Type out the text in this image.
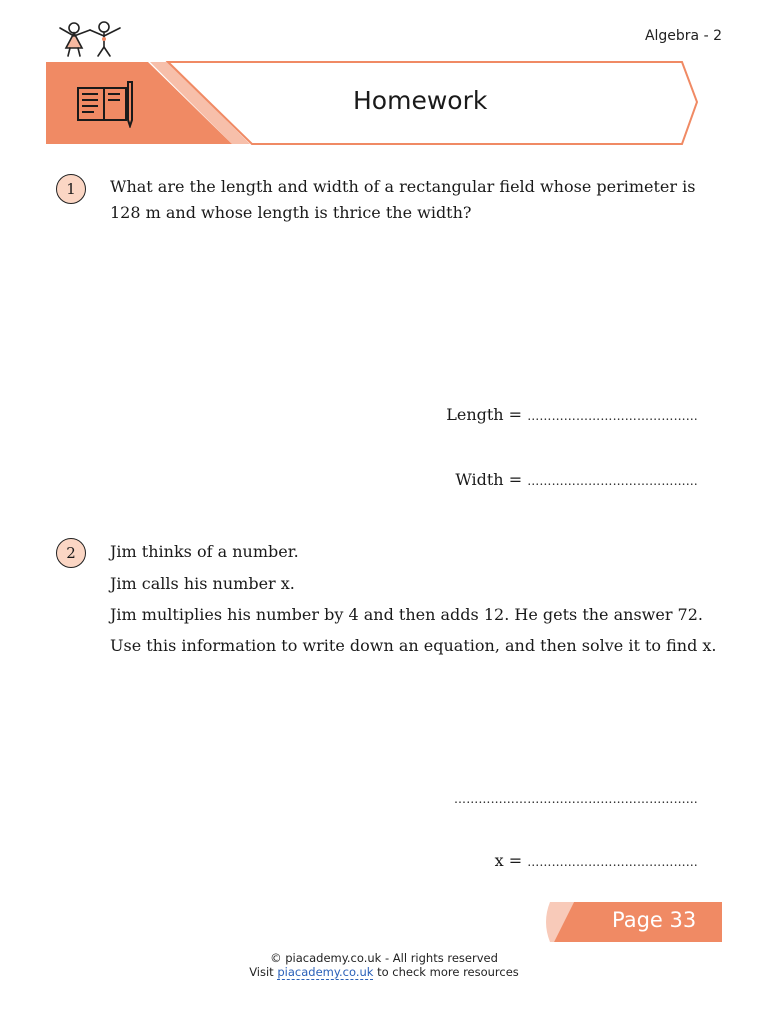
Algebra - 2
Homework
1 What are the length and width of a rectangular field whose perimeter is 128 m and whose length is thrice the width?
Length = ……………………………………
Width = ……………………………………
2 Jim thinks of a number.
Jim calls his number x.
Jim multiplies his number by 4 and then adds 12. He gets the answer 72.
Use this information to write down an equation, and then solve it to find x.
……………………………………………………
x = ……………………………………
Page 33
© piacademy.co.uk - All rights reserved
Visit piacademy.co.uk to check more resources
